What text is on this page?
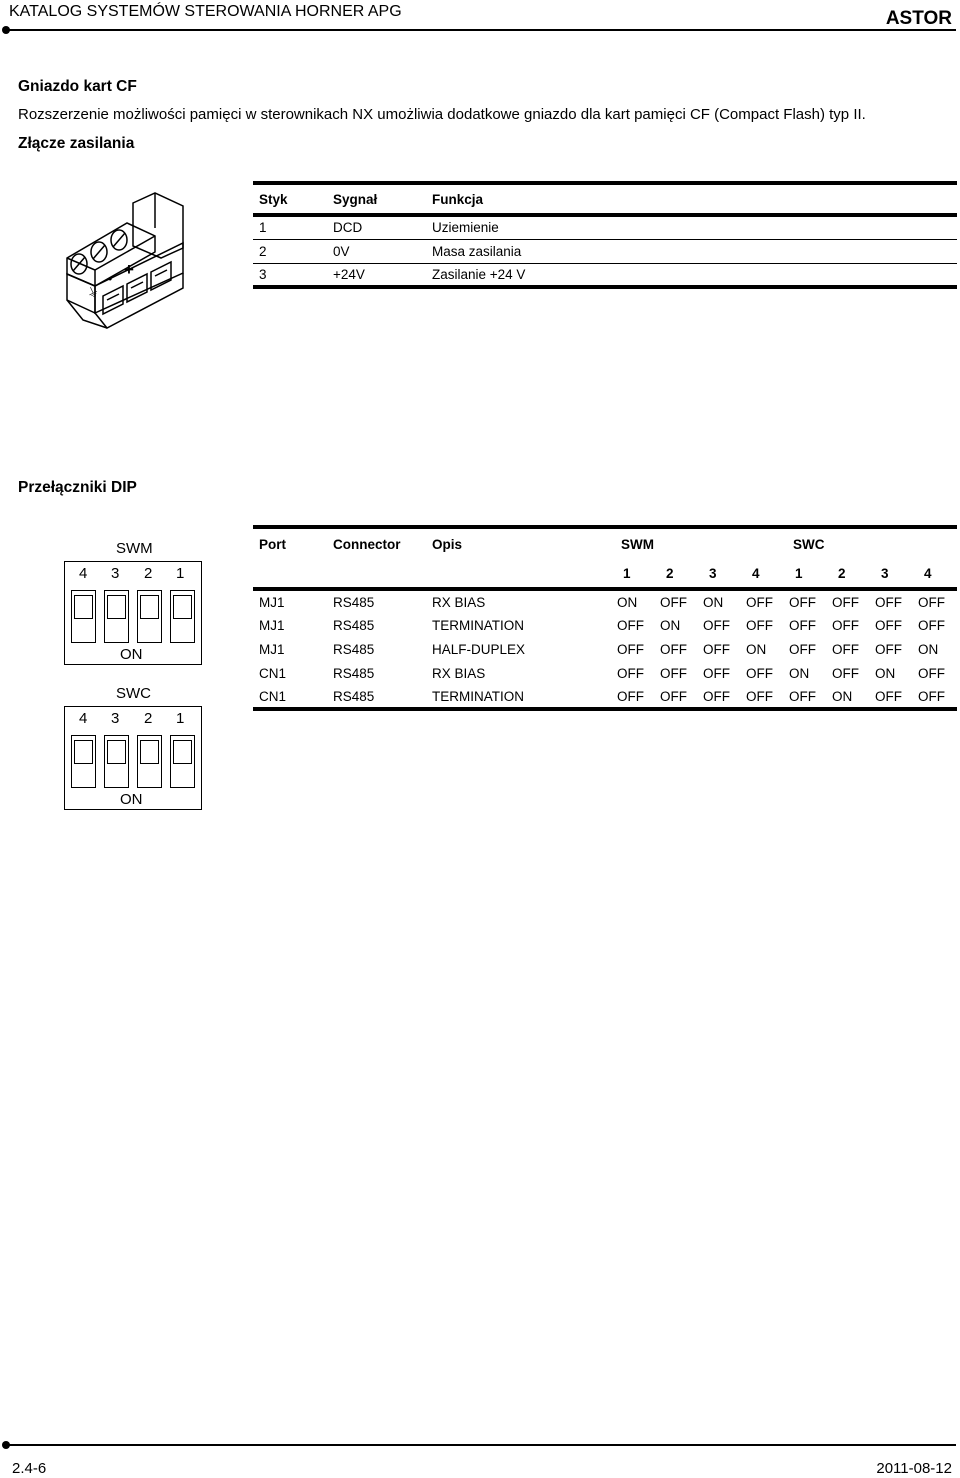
KATALOG SYSTEMÓW STEROWANIA HORNER APG	ASTOR
Gniazdo kart CF
Rozszerzenie możliwości pamięci w sterownikach NX umożliwia dodatkowe gniazdo dla kart pamięci CF (Compact Flash) typ II.
Złącze zasilania
⏚
• +
Styk	Sygnał	Funkcja
1	DCD	Uziemienie
2	0V	Masa zasilania
3	+24V	Zasilanie +24 V
Przełączniki DIP
SWM
4 3 2 1
ON
SWC
4 3 2 1
ON
Port	Connector	Opis	SWM				SWC			
			1	2	3	4	1	2	3	4
MJ1	RS485	RX BIAS	ON	OFF	ON	OFF	OFF	OFF	OFF	OFF
MJ1	RS485	TERMINATION	OFF	ON	OFF	OFF	OFF	OFF	OFF	OFF
MJ1	RS485	HALF-DUPLEX	OFF	OFF	OFF	ON	OFF	OFF	OFF	ON
CN1	RS485	RX BIAS	OFF	OFF	OFF	OFF	ON	OFF	ON	OFF
CN1	RS485	TERMINATION	OFF	OFF	OFF	OFF	OFF	ON	OFF	OFF
2.4-6	2011-08-12
